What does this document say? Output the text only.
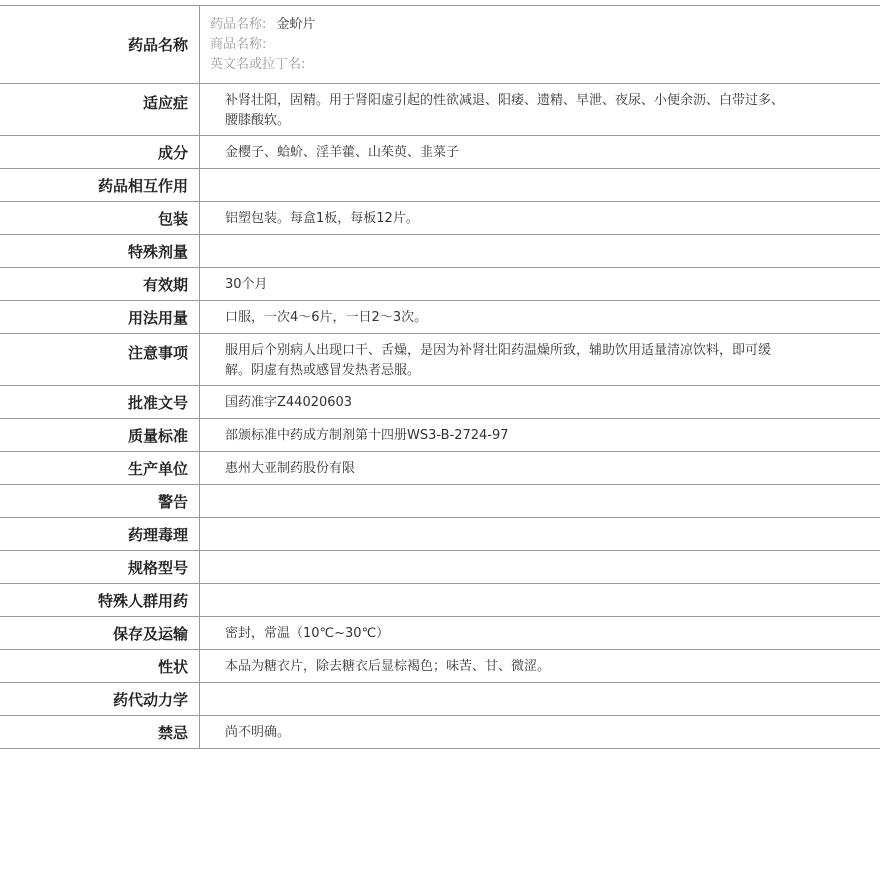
药品名称
药品名称: 金蚧片
商品名称:
英文名或拉丁名:
适应症	补肾壮阳，固精。用于肾阳虚引起的性欲减退、阳痿、遗精、早泄、夜尿、小便余沥、白带过多、腰膝酸软。
成分	金樱子、蛤蚧、淫羊藿、山茱萸、韭菜子
药品相互作用
包装	铝塑包装。每盒1板，每板12片。
特殊剂量
有效期	30个月
用法用量	口服，一次4～6片，一日2～3次。
注意事项	服用后个别病人出现口干、舌燥，是因为补肾壮阳药温燥所致，辅助饮用适量清凉饮料，即可缓解。阴虚有热或感冒发热者忌服。
批准文号	国药准字Z44020603
质量标准	部颁标准中药成方制剂第十四册WS3-B-2724-97
生产单位	惠州大亚制药股份有限
警告
药理毒理
规格型号
特殊人群用药
保存及运输	密封，常温（10℃~30℃）
性状	本品为糖衣片，除去糖衣后显棕褐色；味苦、甘、微涩。
药代动力学
禁忌	尚不明确。
